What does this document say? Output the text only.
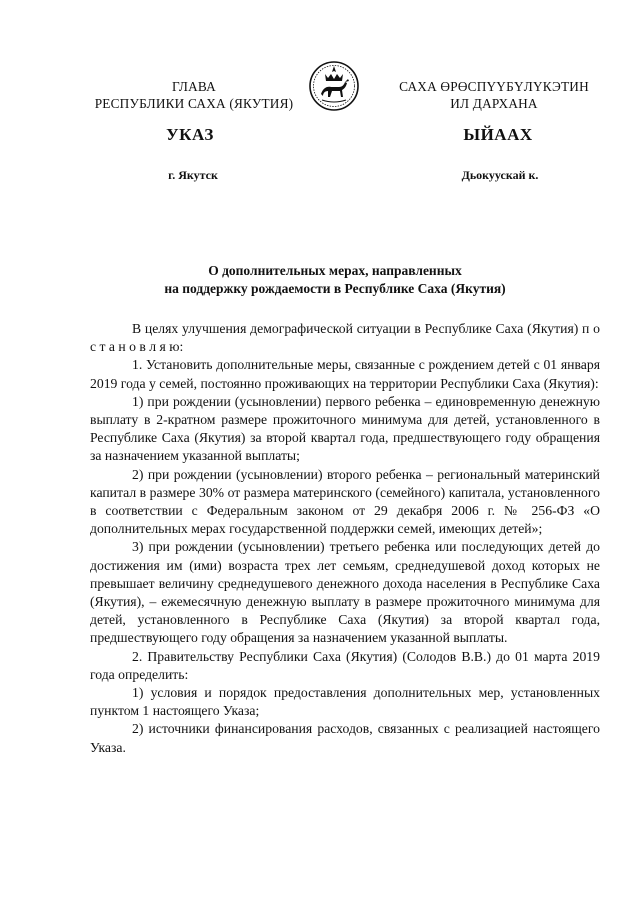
ГЛАВА
РЕСПУБЛИКИ САХА (ЯКУТИЯ)
САХА ӨРӨСПҮҮБҮЛҮКЭТИН
ИЛ ДАРХАНА
УКАЗ	ЫЙААХ
г. Якутск	Дьокуускай к.
О дополнительных мерах, направленных
на поддержку рождаемости в Республике Саха (Якутия)

В целях улучшения демографической ситуации в Республике Саха (Якутия) п о с т а н о в л я ю:

1. Установить дополнительные меры, связанные с рождением детей с 01 января 2019 года у семей, постоянно проживающих на территории Республики Саха (Якутия):

1) при рождении (усыновлении) первого ребенка – единовременную денежную выплату в 2-кратном размере прожиточного минимума для детей, установленного в Республике Саха (Якутия) за второй квартал года, предшествующего году обращения за назначением указанной выплаты;

2) при рождении (усыновлении) второго ребенка – региональный материнский капитал в размере 30% от размера материнского (семейного) капитала, установленного в соответствии с Федеральным законом от 29 декабря 2006 г. № 256-ФЗ «О дополнительных мерах государственной поддержки семей, имеющих детей»;

3) при рождении (усыновлении) третьего ребенка или последующих детей до достижения им (ими) возраста трех лет семьям, среднедушевой доход которых не превышает величину среднедушевого денежного дохода населения в Республике Саха (Якутия), – ежемесячную денежную выплату в размере прожиточного минимума для детей, установленного в Республике Саха (Якутия) за второй квартал года, предшествующего году обращения за назначением указанной выплаты.

2. Правительству Республики Саха (Якутия) (Солодов В.В.) до 01 марта 2019 года определить:

1) условия и порядок предоставления дополнительных мер, установленных пунктом 1 настоящего Указа;

2) источники финансирования расходов, связанных с реализацией настоящего Указа.
